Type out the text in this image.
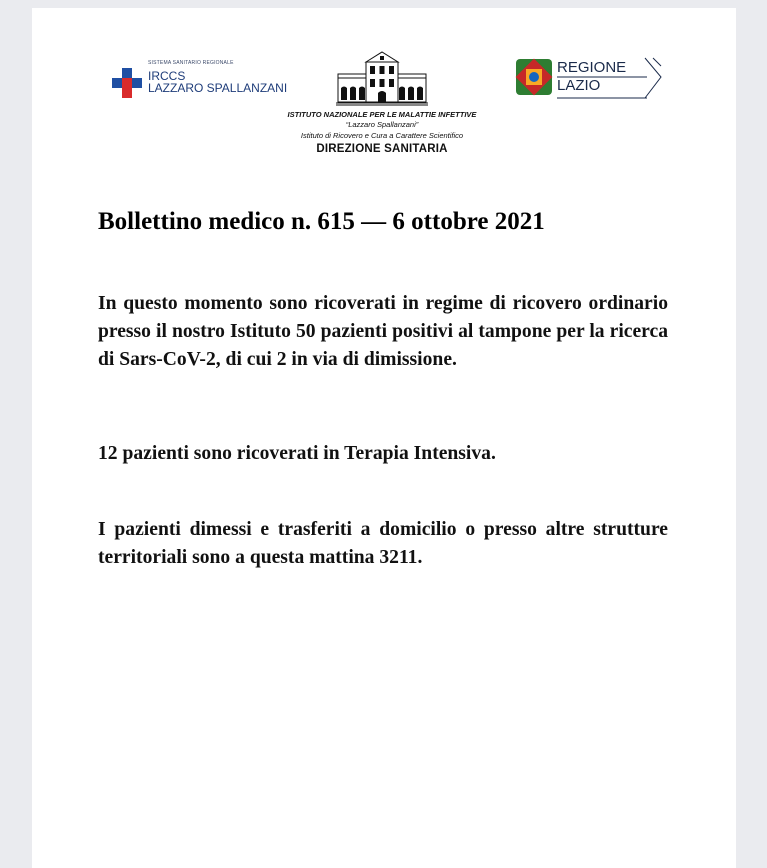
SISTEMA SANITARIO REGIONALE
IRCCS
LAZZARO SPALLANZANI
ISTITUTO NAZIONALE PER LE MALATTIE INFETTIVE
“Lazzaro Spallanzani”
Istituto di Ricovero e Cura a Carattere Scientifico
DIREZIONE SANITARIA
REGIONE
LAZIO
Bollettino medico n. 615 — 6 ottobre 2021
In questo momento sono ricoverati in regime di ricovero ordinario presso il nostro Istituto 50 pazienti positivi al tampone per la ricerca di Sars-CoV-2, di cui 2 in via di dimissione.
12 pazienti sono ricoverati in Terapia Intensiva.
I pazienti dimessi e trasferiti a domicilio o presso altre strutture territoriali sono a questa mattina 3211.
